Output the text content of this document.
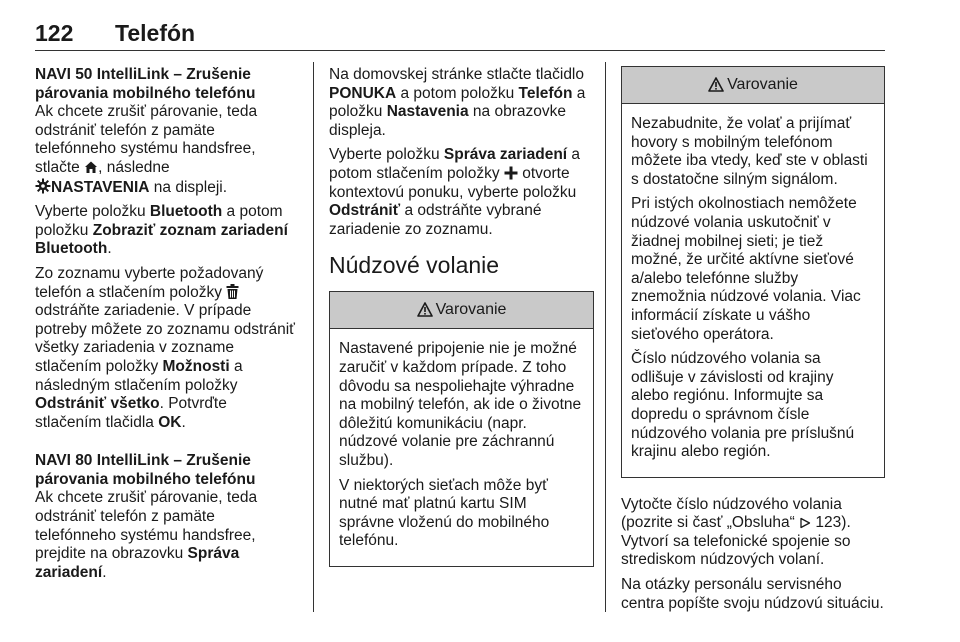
122 Telefón
NAVI 50 IntelliLink – Zrušenie
párovania mobilného telefónu

Ak chcete zrušiť párovanie, teda odstrániť telefón z pamäte telefónneho systému handsfree, stlačte , následne
NASTAVENIA na displeji.

Vyberte položku Bluetooth a potom položku Zobraziť zoznam zariadení Bluetooth.

Zo zoznamu vyberte požadovaný telefón a stlačením položky  odstráňte zariadenie. V prípade potreby môžete zo zoznamu odstrániť všetky zariadenia v zozname stlačením položky Možnosti a následným stlačením položky Odstrániť všetko. Potvrďte stlačením tlačidla OK.

NAVI 80 IntelliLink – Zrušenie
párovania mobilného telefónu

Ak chcete zrušiť párovanie, teda odstrániť telefón z pamäte telefónneho systému handsfree, prejdite na obrazovku Správa zariadení.

Na domovskej stránke stlačte tlačidlo PONUKA a potom položku Telefón a položku Nastavenia na obrazovke displeja.

Vyberte položku Správa zariadení a potom stlačením položky  otvorte kontextovú ponuku, vyberte položku Odstrániť a odstráňte vybrané zariadenie zo zoznamu.

Núdzové volanie
Varovanie

Nastavené pripojenie nie je možné zaručiť v každom prípade. Z toho dôvodu sa nespoliehajte výhradne na mobilný telefón, ak ide o životne dôležitú komunikáciu (napr. núdzové volanie pre záchrannú službu).

V niektorých sieťach môže byť nutné mať platnú kartu SIM správne vloženú do mobilného telefónu.

Varovanie

Nezabudnite, že volať a prijímať hovory s mobilným telefónom môžete iba vtedy, keď ste v oblasti s dostatočne silným signálom.

Pri istých okolnostiach nemôžete núdzové volania uskutočniť v žiadnej mobilnej sieti; je tiež možné, že určité aktívne sieťové a/alebo telefónne služby znemožnia núdzové volania. Viac informácií získate u vášho sieťového operátora.

Číslo núdzového volania sa odlišuje v závislosti od krajiny alebo regiónu. Informujte sa dopredu o správnom čísle núdzového volania pre príslušnú krajinu alebo región.

Vytočte číslo núdzového volania (pozrite si časť „Obsluha“  123).
Vytvorí sa telefonické spojenie so strediskom núdzových volaní.

Na otázky personálu servisného centra popíšte svoju núdzovú situáciu.
